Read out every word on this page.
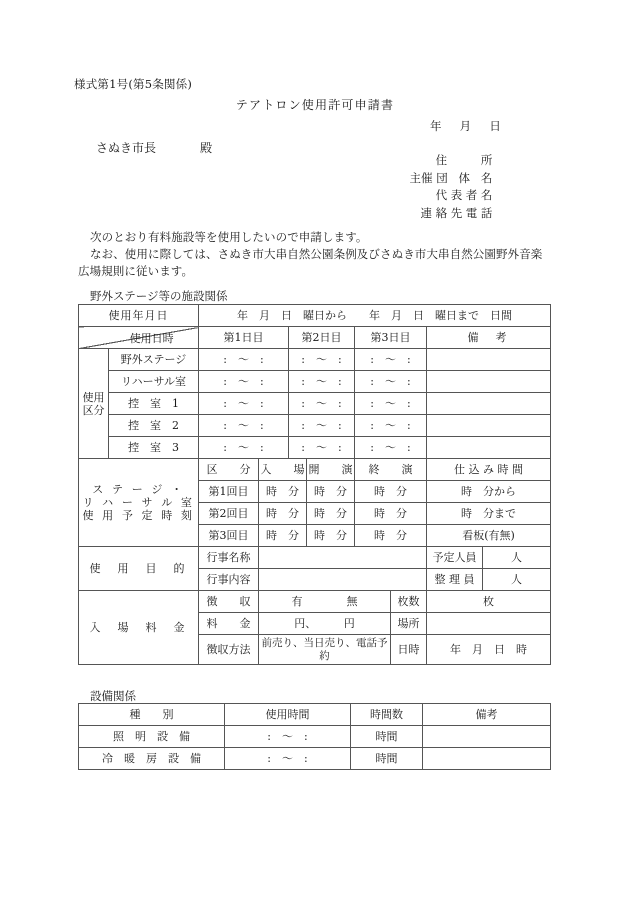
様式第1号(第5条関係)
テアトロン使用許可申請書
年 月 日
さぬき市長	殿
住　　所
主催 団 体 名
代表者名
連絡先電話
次のとおり有料施設等を使用したいので申請します。
なお、使用に際しては、さぬき市大串自然公園条例及びさぬき市大串自然公園野外音楽広場規則に従います。
野外ステージ等の施設関係
使用年月日		年　月　日　曜日から　　年　月　日　曜日まで　日間							

使用日時		第1日目		第2日目		第3日目		備　考	
使用区分	野外ステージ	:　～　:		:　～　:		:　～　:			
	リハーサル室	:　～　:		:　～　:		:　～　:			
	控　室　1	:　～　:		:　～　:		:　～　:			
	控　室　2	:　～　:		:　～　:		:　～　:			
	控　室　3	:　～　:		:　～　:		:　～　:			

ス テ ー ジ ・
リ ハ ー サ ル 室
使 用 予 定 時 刻		区　　分	入　　場		開　　演	終　　演		仕 込 み 時 間	
		第1回目	時　分		時　分	時　分		時　分から	
		第2回目	時　分		時　分	時　分		時　分まで	
		第3回目	時　分		時　分	時　分		看板(有無)	
使　用　目　的		行事名称						予定人員	人
		行事内容						整 理 員	人
入　場　料　金		徴　　収	有　　　　無				枚数	枚	
		料　　金	円、　　　円				場所		
		徴収方法	前売り、当日売り、電話予約				日時	年　月　日　時	
設備関係
種　　別	使用時間	時間数	備考
照　明　設　備	:　～　:	時間	
冷　暖　房　設　備	:　～　:	時間	
